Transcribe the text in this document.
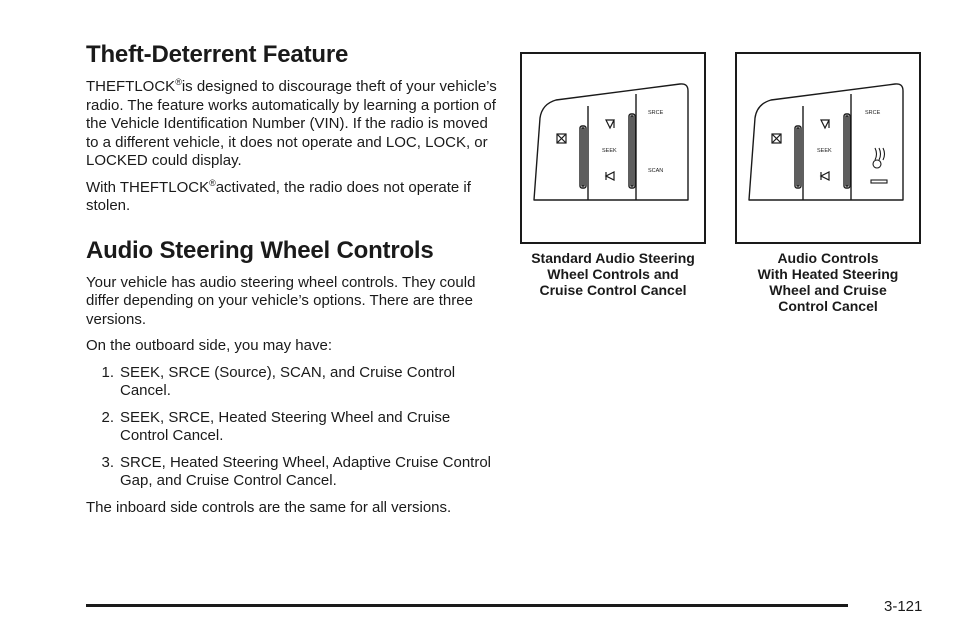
Theft-Deterrent Feature

THEFTLOCK®is designed to discourage theft of your vehicle’s radio. The feature works automatically by learning a portion of the Vehicle Identification Number (VIN). If the radio is moved to a different vehicle, it does not operate and LOC, LOCK, or LOCKED could display.

With THEFTLOCK®activated, the radio does not operate if stolen.

Audio Steering Wheel Controls

Your vehicle has audio steering wheel controls. They could differ depending on your vehicle’s options. There are three versions.

On the outboard side, you may have:

1. SEEK, SRCE (Source), SCAN, and Cruise Control Cancel.
2. SEEK, SRCE, Heated Steering Wheel and Cruise Control Cancel.
3. SRCE, Heated Steering Wheel, Adaptive Cruise Control Gap, and Cruise Control Cancel.

The inboard side controls are the same for all versions.

SEEK
SRCE
SCAN
Standard Audio Steering
Wheel Controls and
Cruise Control Cancel
SEEK
SRCE
Audio Controls
With Heated Steering
Wheel and Cruise
Control Cancel
3-121
